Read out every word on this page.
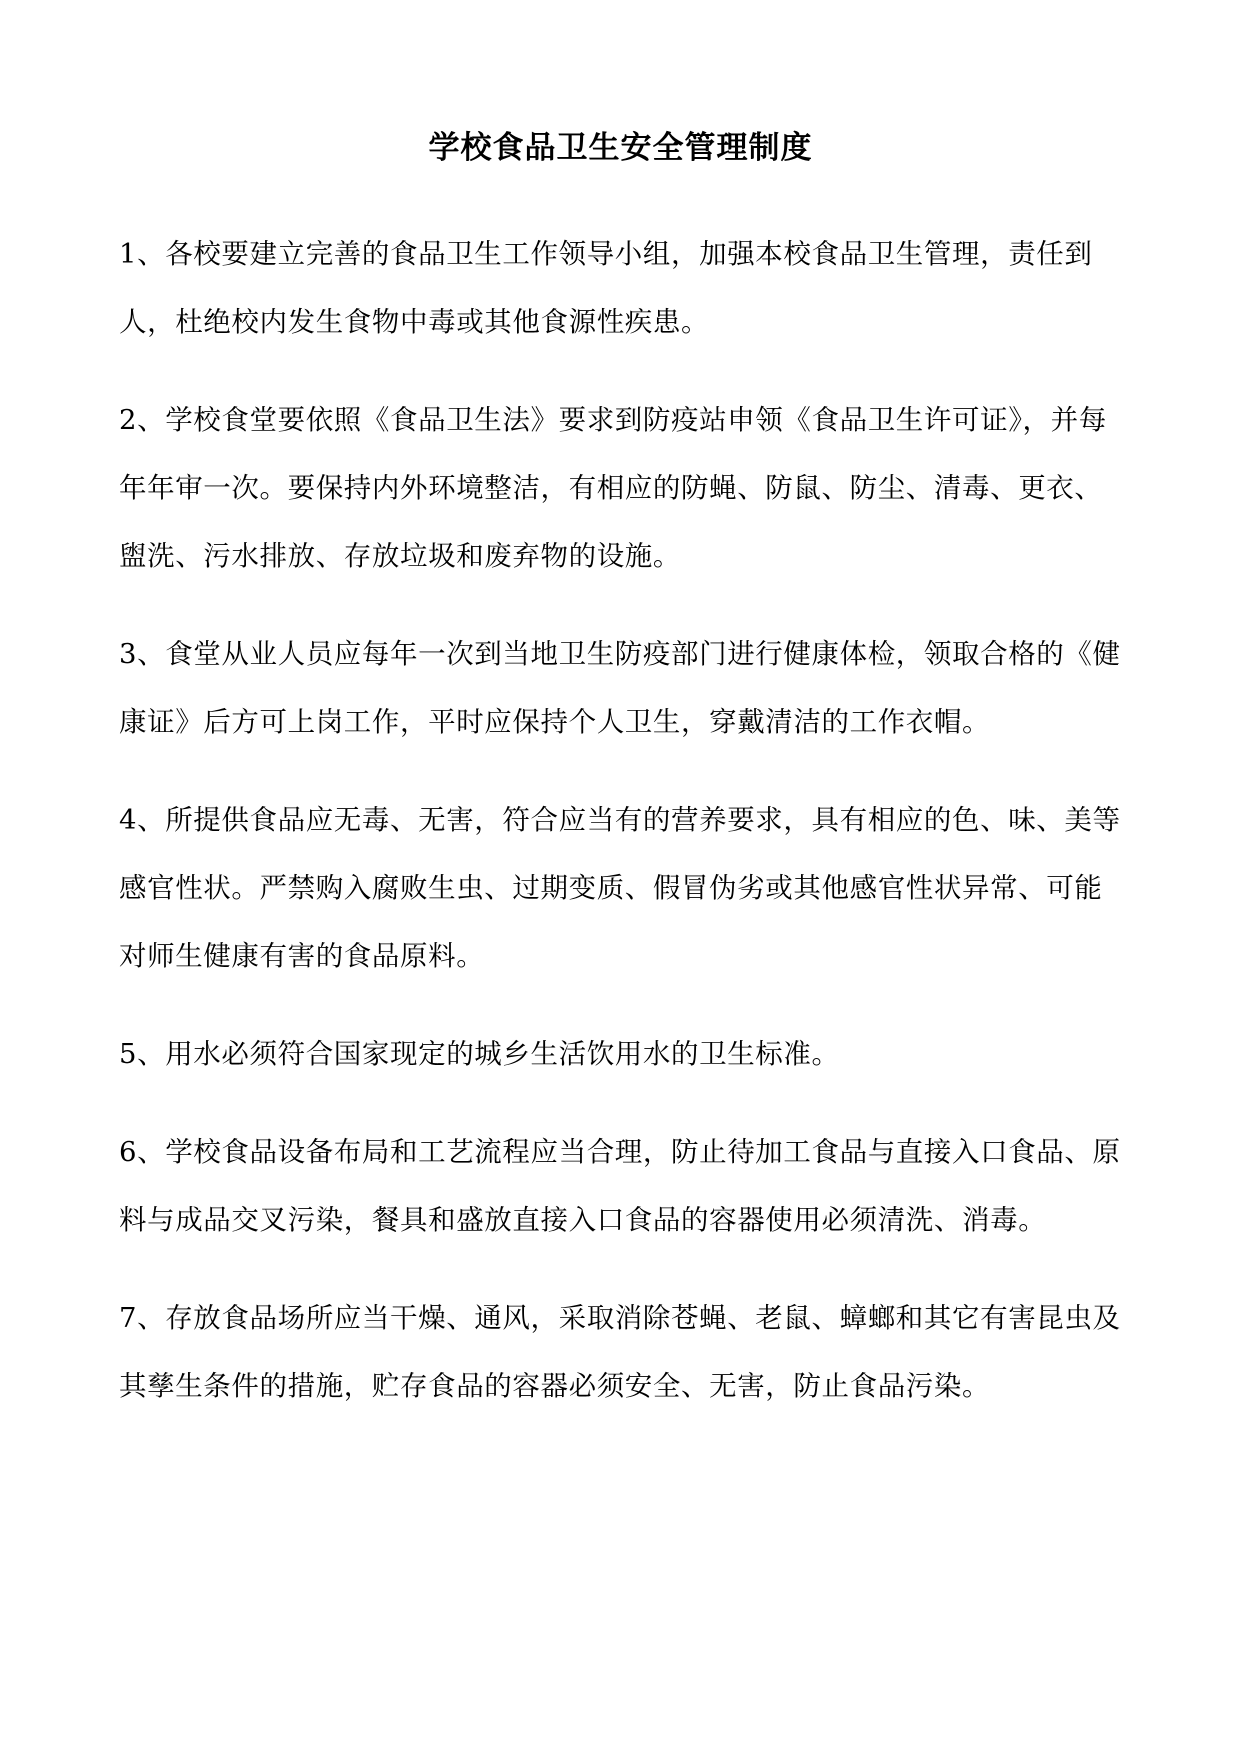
学校食品卫生安全管理制度

1、各校要建立完善的食品卫生工作领导小组，加强本校食品卫生管理，责任到人，杜绝校内发生食物中毒或其他食源性疾患。

2、学校食堂要依照《食品卫生法》要求到防疫站申领《食品卫生许可证》，并每年年审一次。要保持内外环境整洁，有相应的防蝇、防鼠、防尘、清毒、更衣、盥洗、污水排放、存放垃圾和废弃物的设施。

3、食堂从业人员应每年一次到当地卫生防疫部门进行健康体检，领取合格的《健康证》后方可上岗工作，平时应保持个人卫生，穿戴清洁的工作衣帽。

4、所提供食品应无毒、无害，符合应当有的营养要求，具有相应的色、味、美等感官性状。严禁购入腐败生虫、过期变质、假冒伪劣或其他感官性状异常、可能对师生健康有害的食品原料。

5、用水必须符合国家现定的城乡生活饮用水的卫生标准。

6、学校食品设备布局和工艺流程应当合理，防止待加工食品与直接入口食品、原料与成品交叉污染，餐具和盛放直接入口食品的容器使用必须清洗、消毒。

7、存放食品场所应当干燥、通风，采取消除苍蝇、老鼠、蟑螂和其它有害昆虫及其孳生条件的措施，贮存食品的容器必须安全、无害，防止食品污染。
